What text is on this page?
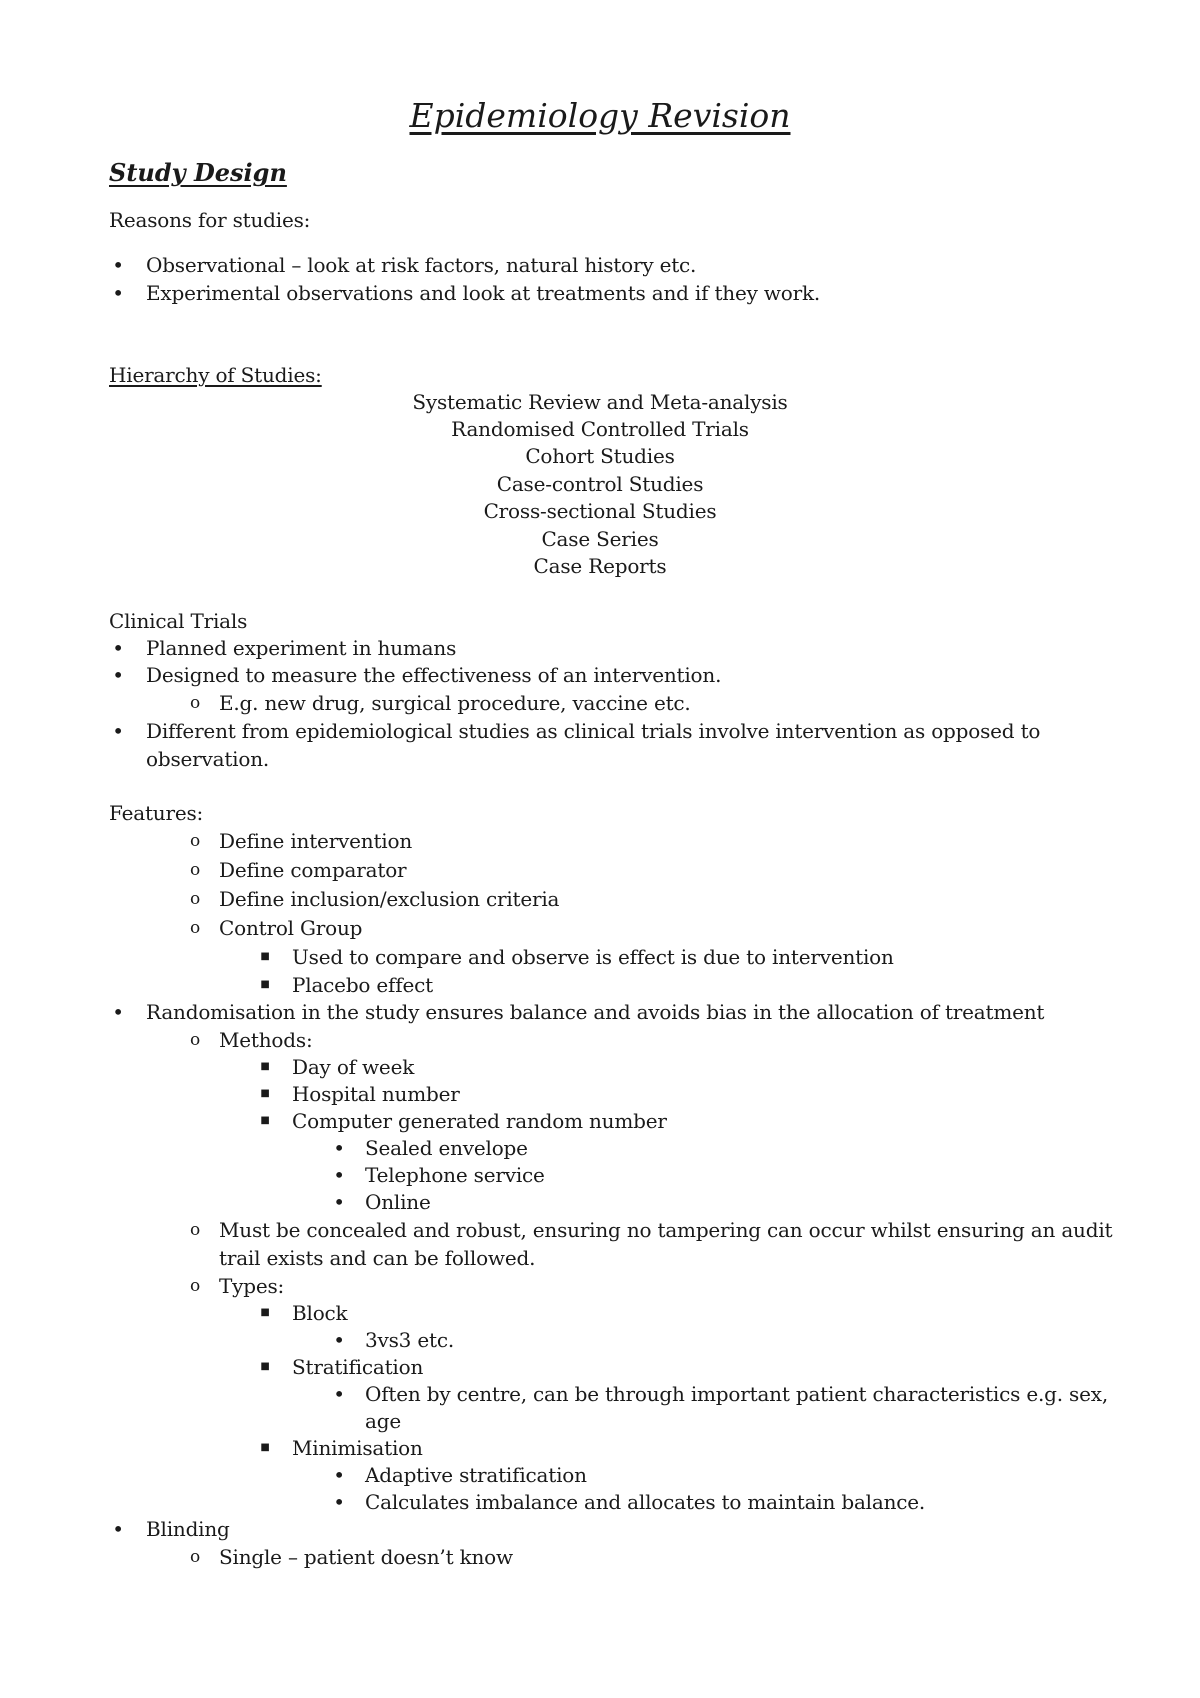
Epidemiology Revision
Study Design
Reasons for studies:
• Observational – look at risk factors, natural history etc.
• Experimental observations and look at treatments and if they work.
Hierarchy of Studies:
Systematic Review and Meta-analysis
Randomised Controlled Trials
Cohort Studies
Case-control Studies
Cross-sectional Studies
Case Series
Case Reports
Clinical Trials
• Planned experiment in humans
• Designed to measure the effectiveness of an intervention.
o E.g. new drug, surgical procedure, vaccine etc.
• Different from epidemiological studies as clinical trials involve intervention as opposed to
observation.
Features:
o Define intervention
o Define comparator
o Define inclusion/exclusion criteria
o Control Group
■ Used to compare and observe is effect is due to intervention
■ Placebo effect
• Randomisation in the study ensures balance and avoids bias in the allocation of treatment
o Methods:
■ Day of week
■ Hospital number
■ Computer generated random number
• Sealed envelope
• Telephone service
• Online
o Must be concealed and robust, ensuring no tampering can occur whilst ensuring an audit
trail exists and can be followed.
o Types:
■ Block
• 3vs3 etc.
■ Stratification
• Often by centre, can be through important patient characteristics e.g. sex,
age
■ Minimisation
• Adaptive stratification
• Calculates imbalance and allocates to maintain balance.
• Blinding
o Single – patient doesn’t know
